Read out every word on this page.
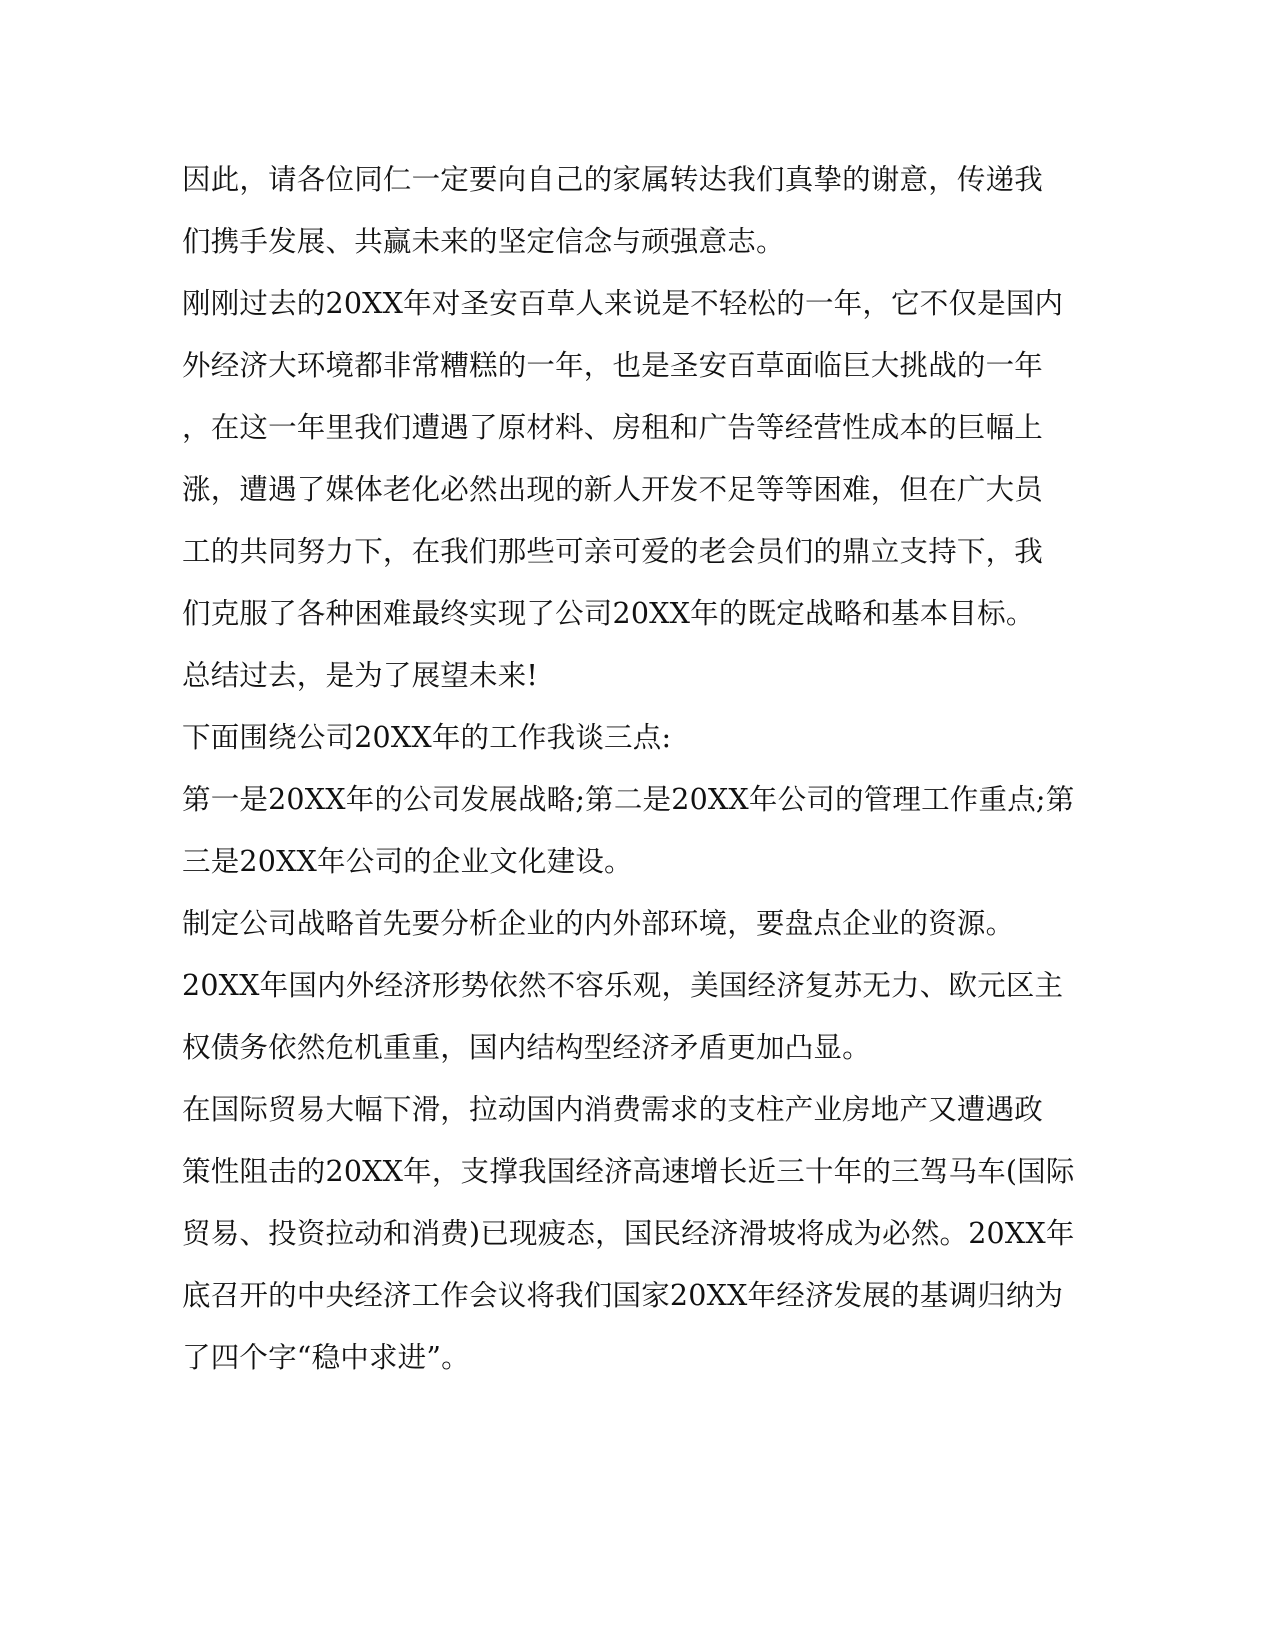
因此，请各位同仁一定要向自己的家属转达我们真挚的谢意，传递我

们携手发展、共赢未来的坚定信念与顽强意志。

刚刚过去的20XX年对圣安百草人来说是不轻松的一年，它不仅是国内

外经济大环境都非常糟糕的一年，也是圣安百草面临巨大挑战的一年

，在这一年里我们遭遇了原材料、房租和广告等经营性成本的巨幅上

涨，遭遇了媒体老化必然出现的新人开发不足等等困难，但在广大员

工的共同努力下，在我们那些可亲可爱的老会员们的鼎立支持下，我

们克服了各种困难最终实现了公司20XX年的既定战略和基本目标。

总结过去，是为了展望未来!

下面围绕公司20XX年的工作我谈三点:

第一是20XX年的公司发展战略;第二是20XX年公司的管理工作重点;第

三是20XX年公司的企业文化建设。

制定公司战略首先要分析企业的内外部环境，要盘点企业的资源。

20XX年国内外经济形势依然不容乐观，美国经济复苏无力、欧元区主

权债务依然危机重重，国内结构型经济矛盾更加凸显。

在国际贸易大幅下滑，拉动国内消费需求的支柱产业房地产又遭遇政

策性阻击的20XX年，支撑我国经济高速增长近三十年的三驾马车(国际

贸易、投资拉动和消费)已现疲态，国民经济滑坡将成为必然。20XX年

底召开的中央经济工作会议将我们国家20XX年经济发展的基调归纳为

了四个字“稳中求进”。
